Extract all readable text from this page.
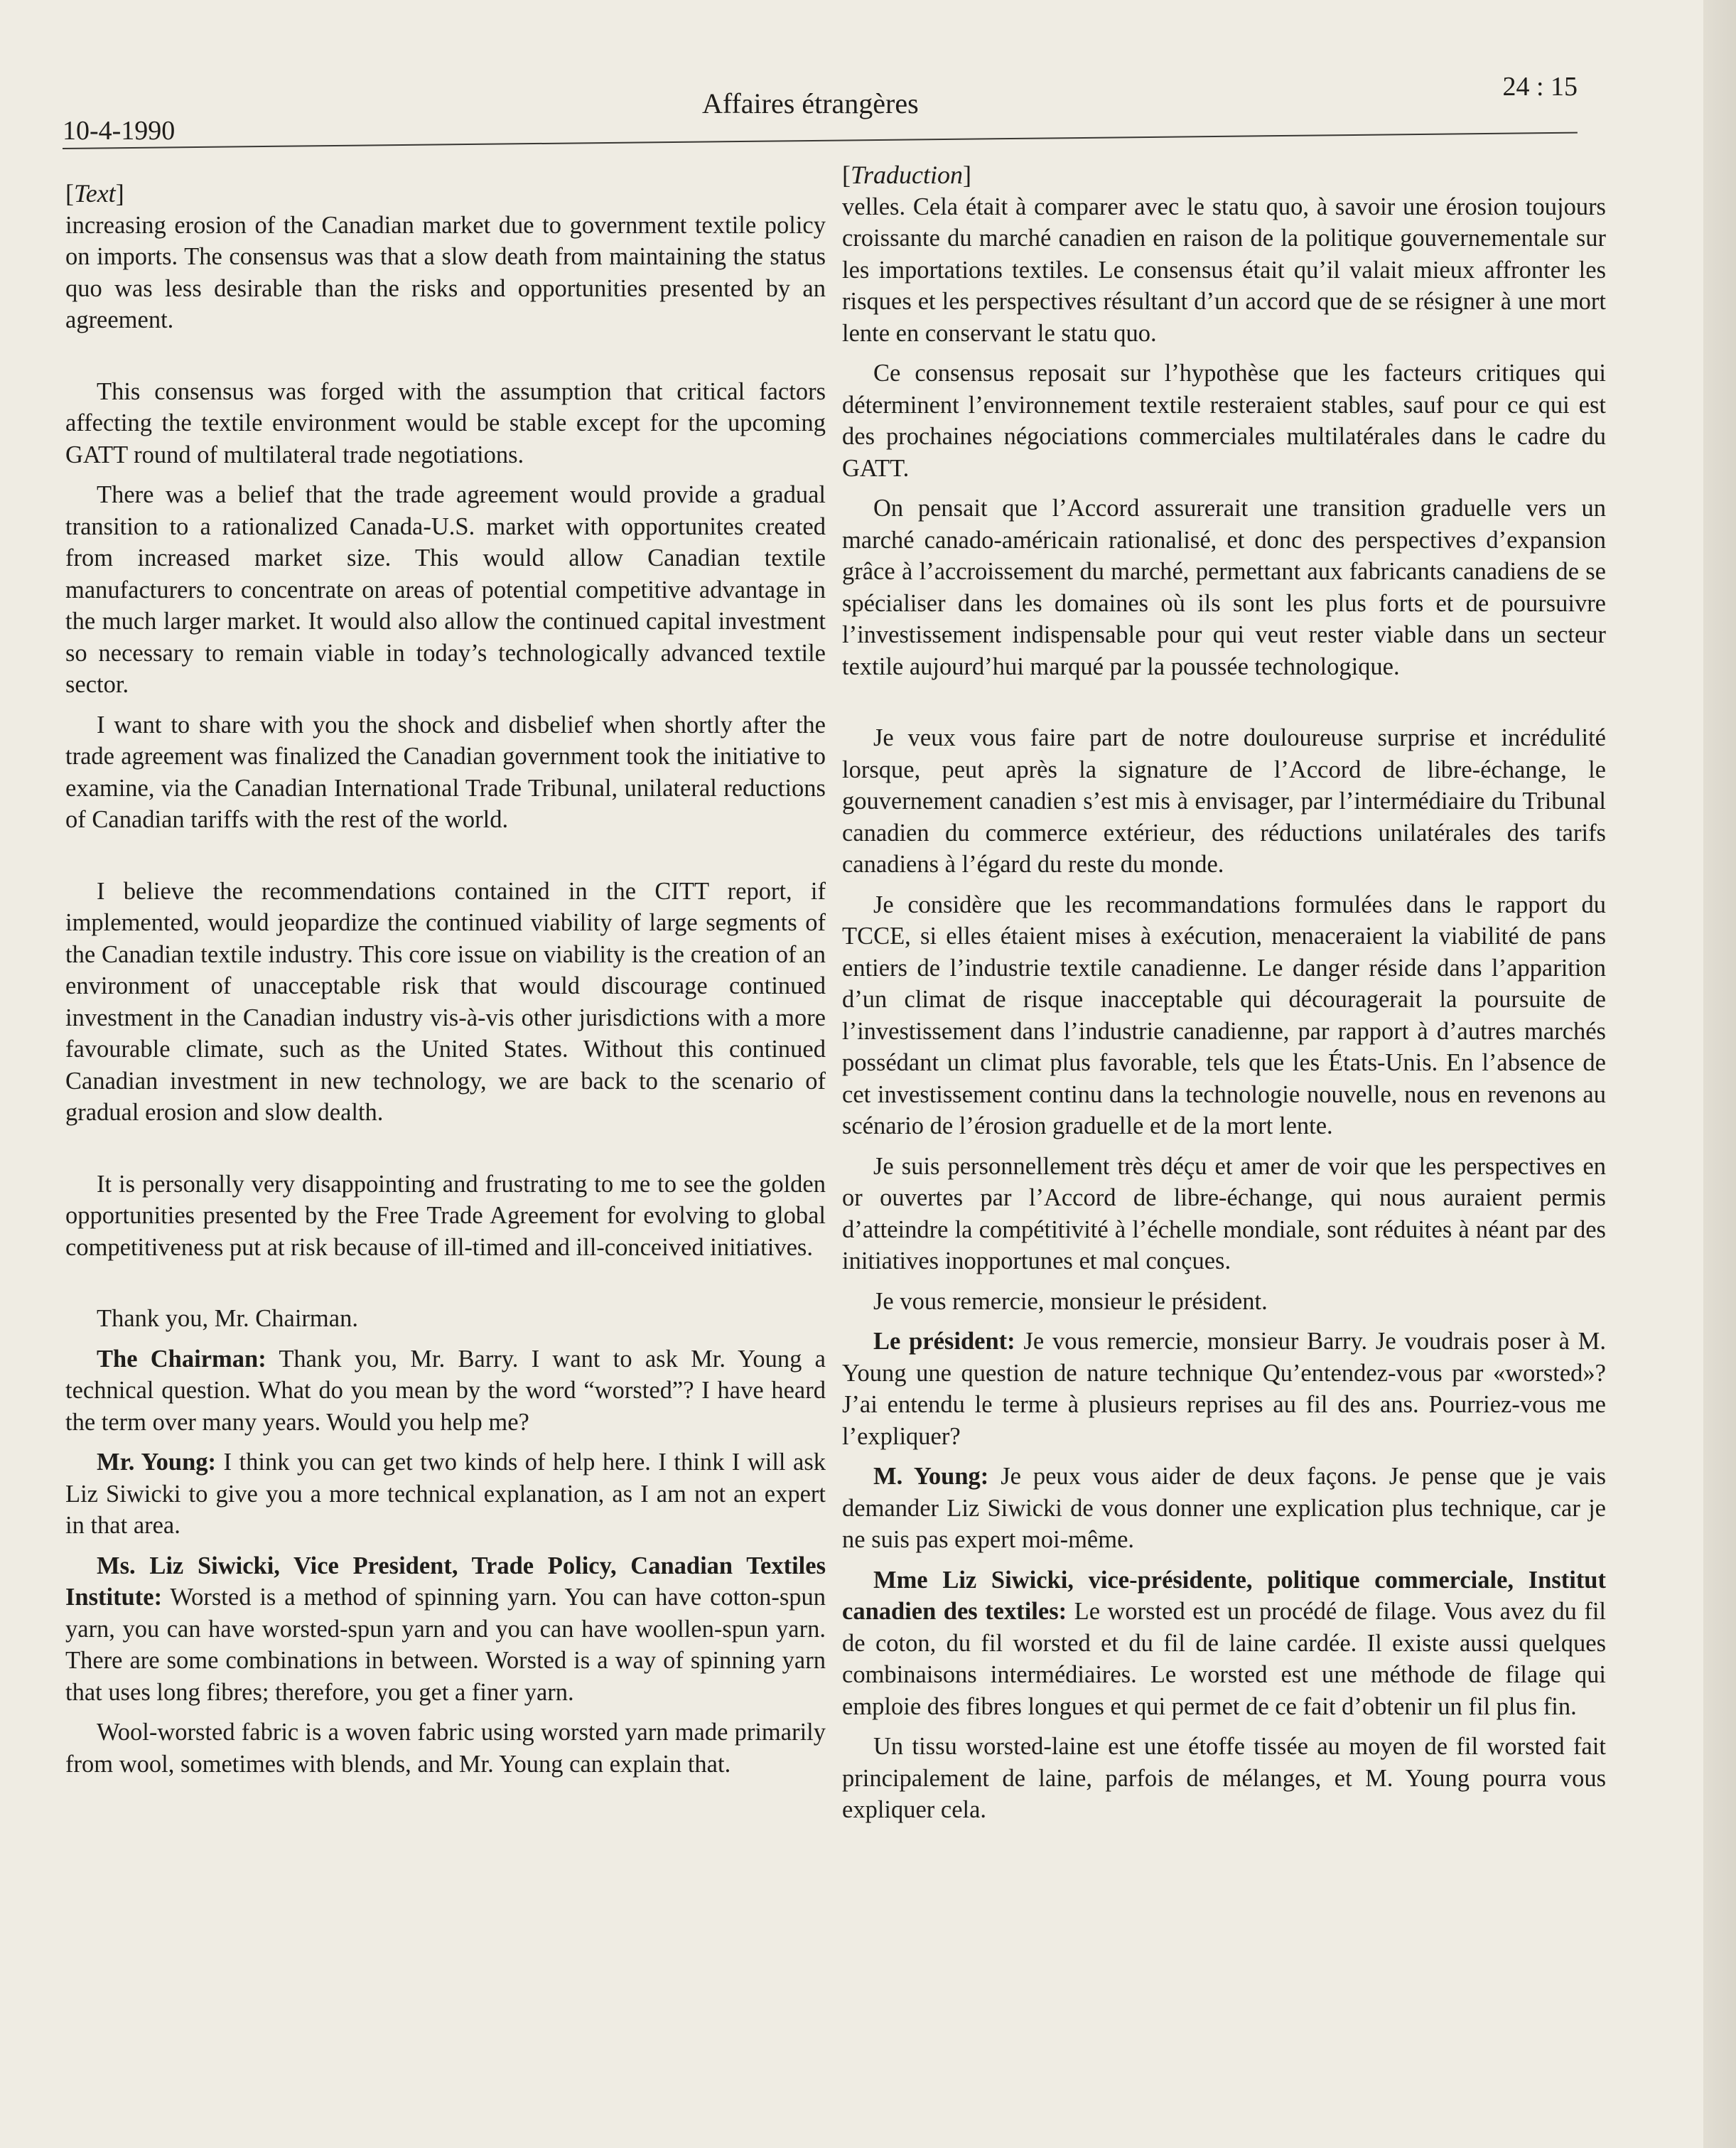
10-4-1990
Affaires étrangères
24 : 15
[Text]

increasing erosion of the Canadian market due to government textile policy on imports. The consensus was that a slow death from maintaining the status quo was less desirable than the risks and opportunities presented by an agreement.

This consensus was forged with the assumption that critical factors affecting the textile environment would be stable except for the upcoming GATT round of multilateral trade negotiations.

There was a belief that the trade agreement would provide a gradual transition to a rationalized Canada-U.S. market with opportunites created from increased market size. This would allow Canadian textile manufacturers to concentrate on areas of potential competitive advantage in the much larger market. It would also allow the continued capital investment so necessary to remain viable in today’s technologically advanced textile sector.

I want to share with you the shock and disbelief when shortly after the trade agreement was finalized the Canadian government took the initiative to examine, via the Canadian International Trade Tribunal, unilateral reductions of Canadian tariffs with the rest of the world.

I believe the recommendations contained in the CITT report, if implemented, would jeopardize the continued viability of large segments of the Canadian textile industry. This core issue on viability is the creation of an environment of unacceptable risk that would discourage continued investment in the Canadian industry vis-à-vis other jurisdictions with a more favourable climate, such as the United States. Without this continued Canadian investment in new technology, we are back to the scenario of gradual erosion and slow dealth.

It is personally very disappointing and frustrating to me to see the golden opportunities presented by the Free Trade Agreement for evolving to global competitiveness put at risk because of ill-timed and ill-conceived initiatives.

Thank you, Mr. Chairman.

The Chairman: Thank you, Mr. Barry. I want to ask Mr. Young a technical question. What do you mean by the word “worsted”? I have heard the term over many years. Would you help me?

Mr. Young: I think you can get two kinds of help here. I think I will ask Liz Siwicki to give you a more technical explanation, as I am not an expert in that area.

Ms. Liz Siwicki, Vice President, Trade Policy, Canadian Textiles Institute: Worsted is a method of spinning yarn. You can have cotton-spun yarn, you can have worsted-spun yarn and you can have woollen-spun yarn. There are some combinations in between. Worsted is a way of spinning yarn that uses long fibres; therefore, you get a finer yarn.

Wool-worsted fabric is a woven fabric using worsted yarn made primarily from wool, sometimes with blends, and Mr. Young can explain that.

[Traduction]

velles. Cela était à comparer avec le statu quo, à savoir une érosion toujours croissante du marché canadien en raison de la politique gouvernementale sur les importations textiles. Le consensus était qu’il valait mieux affronter les risques et les perspectives résultant d’un accord que de se résigner à une mort lente en conservant le statu quo.

Ce consensus reposait sur l’hypothèse que les facteurs critiques qui déterminent l’environnement textile resteraient stables, sauf pour ce qui est des prochaines négociations commerciales multilatérales dans le cadre du GATT.

On pensait que l’Accord assurerait une transition graduelle vers un marché canado-américain rationalisé, et donc des perspectives d’expansion grâce à l’accroissement du marché, permettant aux fabricants canadiens de se spécialiser dans les domaines où ils sont les plus forts et de poursuivre l’investissement indispensable pour qui veut rester viable dans un secteur textile aujourd’hui marqué par la poussée technologique.

Je veux vous faire part de notre douloureuse surprise et incrédulité lorsque, peut après la signature de l’Accord de libre-échange, le gouvernement canadien s’est mis à envisager, par l’intermédiaire du Tribunal canadien du commerce extérieur, des réductions unilatérales des tarifs canadiens à l’égard du reste du monde.

Je considère que les recommandations formulées dans le rapport du TCCE, si elles étaient mises à exécution, menaceraient la viabilité de pans entiers de l’industrie textile canadienne. Le danger réside dans l’apparition d’un climat de risque inacceptable qui découragerait la poursuite de l’investissement dans l’industrie canadienne, par rapport à d’autres marchés possédant un climat plus favorable, tels que les États-Unis. En l’absence de cet investissement continu dans la technologie nouvelle, nous en revenons au scénario de l’érosion graduelle et de la mort lente.

Je suis personnellement très déçu et amer de voir que les perspectives en or ouvertes par l’Accord de libre-échange, qui nous auraient permis d’atteindre la compétitivité à l’échelle mondiale, sont réduites à néant par des initiatives inopportunes et mal conçues.

Je vous remercie, monsieur le président.

Le président: Je vous remercie, monsieur Barry. Je voudrais poser à M. Young une question de nature technique Qu’entendez-vous par «worsted»? J’ai entendu le terme à plusieurs reprises au fil des ans. Pourriez-vous me l’expliquer?

M. Young: Je peux vous aider de deux façons. Je pense que je vais demander Liz Siwicki de vous donner une explication plus technique, car je ne suis pas expert moi-même.

Mme Liz Siwicki, vice-présidente, politique commerciale, Institut canadien des textiles: Le worsted est un procédé de filage. Vous avez du fil de coton, du fil worsted et du fil de laine cardée. Il existe aussi quelques combinaisons intermédiaires. Le worsted est une méthode de filage qui emploie des fibres longues et qui permet de ce fait d’obtenir un fil plus fin.

Un tissu worsted-laine est une étoffe tissée au moyen de fil worsted fait principalement de laine, parfois de mélanges, et M. Young pourra vous expliquer cela.
